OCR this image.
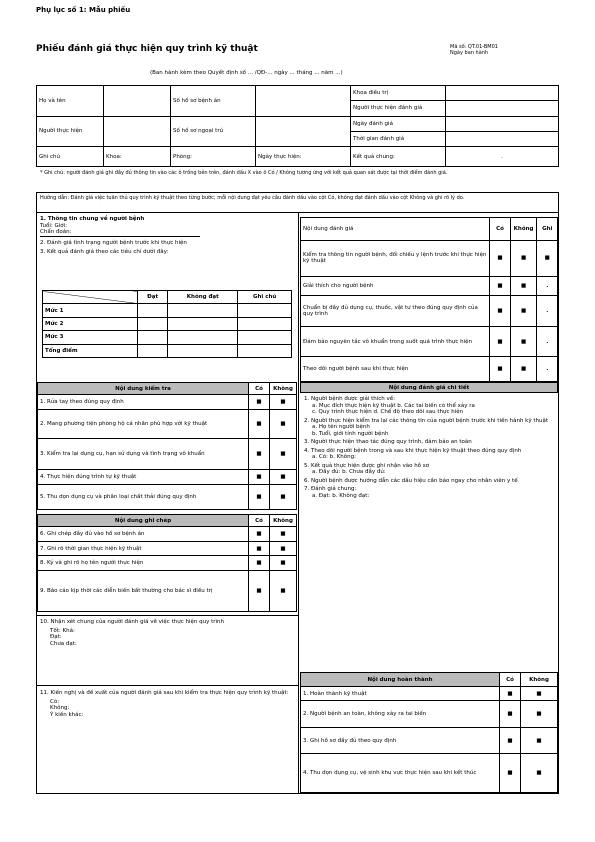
Phụ lục số 1: Mẫu phiếu
Phiếu đánh giá thực hiện quy trình kỹ thuật	Mã số: QT.01-BM01
Ngày ban hành
(Ban hành kèm theo Quyết định số ... /QĐ-... ngày ... tháng ... năm ...)
Họ và tên		Số hồ sơ bệnh án		Khoa điều trị	
				Người thực hiện đánh giá	
Người thực hiện		Số hồ sơ ngoại trú		Ngày đánh giá	
				Thời gian đánh giá	
Ghi chú	Khoa:	Phòng:	Ngày thực hiện:	Kết quả chung:	.
* Ghi chú: người đánh giá ghi đầy đủ thông tin vào các ô trống bên trên, đánh dấu X vào ô Có / Không tương ứng với kết quả quan sát được tại thời điểm đánh giá.
Hướng dẫn: Đánh giá việc tuân thủ quy trình kỹ thuật theo từng bước; mỗi nội dung đạt yêu cầu đánh dấu vào cột Có, không đạt đánh dấu vào cột Không và ghi rõ lý do.

1. Thông tin chung về người bệnh

Tuổi: Giới:

Chẩn đoán:

2. Đánh giá tình trạng người bệnh trước khi thực hiện

3. Kết quả đánh giá theo các tiêu chí dưới đây:

	Đạt	Không đạt	Ghi chú
Mức 1			
Mức 2			
Mức 3			
Tổng điểm			
Nội dung đánh giá	Có	Không	Ghi
Kiểm tra thông tin người bệnh, đối chiếu y lệnh trước khi thực hiện kỹ thuật	■	■	■
Giải thích cho người bệnh	■	■	.
Chuẩn bị đầy đủ dụng cụ, thuốc, vật tư theo đúng quy định của quy trình	■	■	.
Đảm bảo nguyên tắc vô khuẩn trong suốt quá trình thực hiện	■	■	.
Theo dõi người bệnh sau khi thực hiện	■	■	.
Nội dung kiểm tra	Có	Không
1. Rửa tay theo đúng quy định	■	■
2. Mang phương tiện phòng hộ cá nhân phù hợp với kỹ thuật	■	■
3. Kiểm tra lại dụng cụ, hạn sử dụng và tình trạng vô khuẩn	■	■
4. Thực hiện đúng trình tự kỹ thuật	■	■
5. Thu dọn dụng cụ và phân loại chất thải đúng quy định	■	■
Nội dung ghi chép	Có	Không
6. Ghi chép đầy đủ vào hồ sơ bệnh án	■	■
7. Ghi rõ thời gian thực hiện kỹ thuật	■	■
8. Ký và ghi rõ họ tên người thực hiện	■	■
9. Báo cáo kịp thời các diễn biến bất thường cho bác sĩ điều trị	■	■

10. Nhận xét chung của người đánh giá về việc thực hiện quy trình

Tốt: Khá:

Đạt:

Chưa đạt:

11. Kiến nghị và đề xuất của người đánh giá sau khi kiểm tra thực hiện quy trình kỹ thuật:

Có:

Không:

Ý kiến khác:

Nội dung đánh giá chi tiết

1. Người bệnh được giải thích về:

a. Mục đích thực hiện kỹ thuật b. Các tai biến có thể xảy ra

c. Quy trình thực hiện d. Chế độ theo dõi sau thực hiện

2. Người thực hiện kiểm tra lại các thông tin của người bệnh trước khi tiến hành kỹ thuật

a. Họ tên người bệnh

b. Tuổi, giới tính người bệnh

3. Người thực hiện thao tác đúng quy trình, đảm bảo an toàn

4. Theo dõi người bệnh trong và sau khi thực hiện kỹ thuật theo đúng quy định

a. Có: b. Không:

5. Kết quả thực hiện được ghi nhận vào hồ sơ

a. Đầy đủ: b. Chưa đầy đủ:

6. Người bệnh được hướng dẫn các dấu hiệu cần báo ngay cho nhân viên y tế

7. Đánh giá chung:

a. Đạt: b. Không đạt:

Nội dung hoàn thành	Có	Không
1. Hoàn thành kỹ thuật	■	■
2. Người bệnh an toàn, không xảy ra tai biến	■	■
3. Ghi hồ sơ đầy đủ theo quy định	■	■
4. Thu dọn dụng cụ, vệ sinh khu vực thực hiện sau khi kết thúc	■	■
